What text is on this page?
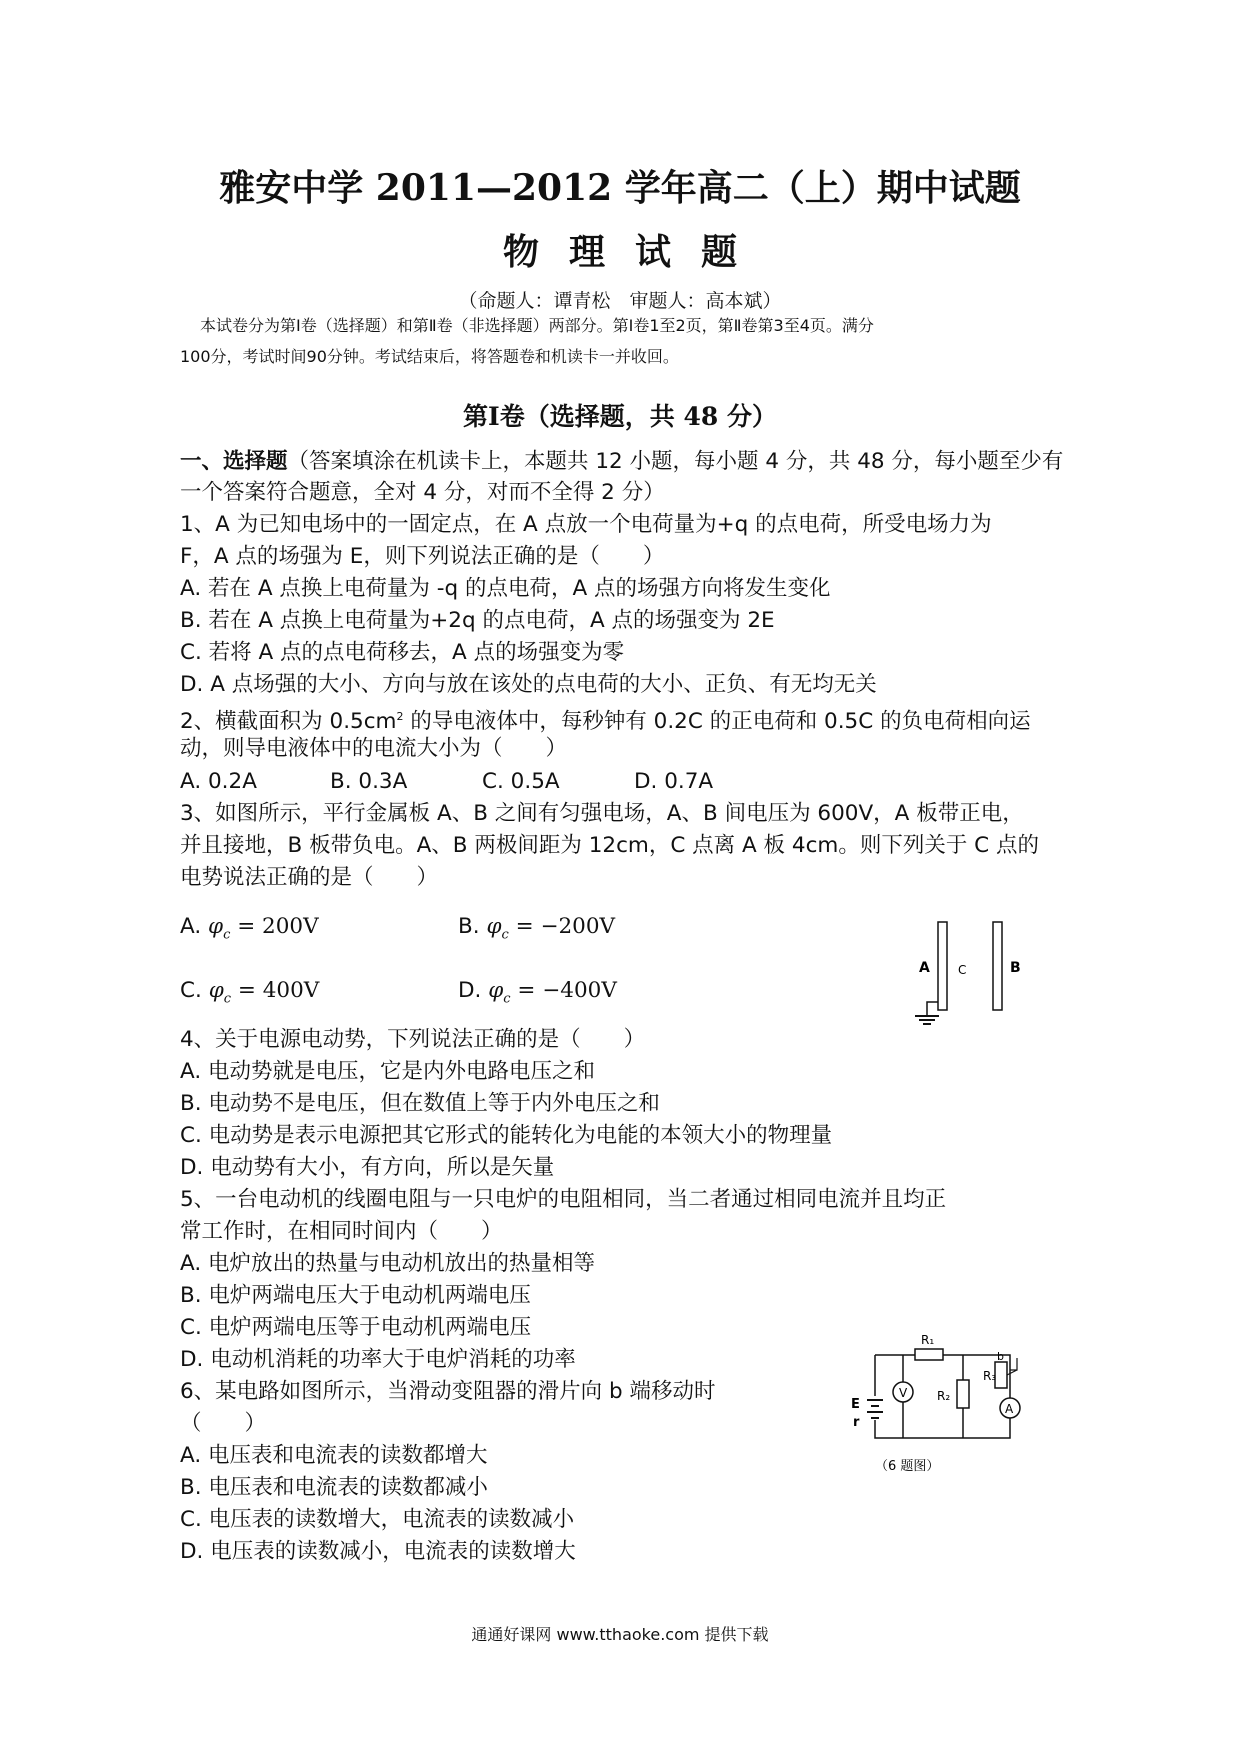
雅安中学 2011—2012 学年高二（上）期中试题
物理试题
（命题人：谭青松　审题人：高本斌）
本试卷分为第Ⅰ卷（选择题）和第Ⅱ卷（非选择题）两部分。第Ⅰ卷1至2页，第Ⅱ卷第3至4页。满分
100分，考试时间90分钟。考试结束后，将答题卷和机读卡一并收回。
第Ⅰ卷（选择题，共 48 分）
一、选择题（答案填涂在机读卡上，本题共 12 小题，每小题 4 分，共 48 分，每小题至少有
一个答案符合题意，全对 4 分，对而不全得 2 分）
1、A 为已知电场中的一固定点，在 A 点放一个电荷量为+q 的点电荷，所受电场力为
F，A 点的场强为 E，则下列说法正确的是（　　）
A. 若在 A 点换上电荷量为 -q 的点电荷，A 点的场强方向将发生变化
B. 若在 A 点换上电荷量为+2q 的点电荷，A 点的场强变为 2E
C. 若将 A 点的点电荷移去，A 点的场强变为零
D. A 点场强的大小、方向与放在该处的点电荷的大小、正负、有无均无关
2、横截面积为 $0.5cm^2$ 的导电液体中，每秒钟有 0.2C 的正电荷和 0.5C 的负电荷相向运
动，则导电液体中的电流大小为（　　）
A. 0.2A	B. 0.3A	C. 0.5A	D. 0.7A
3、如图所示，平行金属板 A、B 之间有匀强电场，A、B 间电压为 600V，A 板带正电，
并且接地，B 板带负电。A、B 两极间距为 12cm，C 点离 A 板 4cm。则下列关于 C 点的
电势说法正确的是（　　）
A. $\varphi_c = 200V$	B. $\varphi_c = -200V$
C. $\varphi_c = 400V$	D. $\varphi_c = -400V$
A	B
C
4、关于电源电动势，下列说法正确的是（　　）
A. 电动势就是电压，它是内外电路电压之和
B. 电动势不是电压，但在数值上等于内外电压之和
C. 电动势是表示电源把其它形式的能转化为电能的本领大小的物理量
D. 电动势有大小，有方向，所以是矢量
5、一台电动机的线圈电阻与一只电炉的电阻相同，当二者通过相同电流并且均正
常工作时，在相同时间内（　　）
A. 电炉放出的热量与电动机放出的热量相等
B. 电炉两端电压大于电动机两端电压
C. 电炉两端电压等于电动机两端电压
D. 电动机消耗的功率大于电炉消耗的功率
6、某电路如图所示，当滑动变阻器的滑片向 b 端移动时
（　　）
A. 电压表和电流表的读数都增大
B. 电压表和电流表的读数都减小
C. 电压表的读数增大，电流表的读数减小
D. 电压表的读数减小，电流表的读数增大
R₁
E
r
V R₂
R₃
b
A
（6 题图）
通通好课网 www.tthaoke.com 提供下载
